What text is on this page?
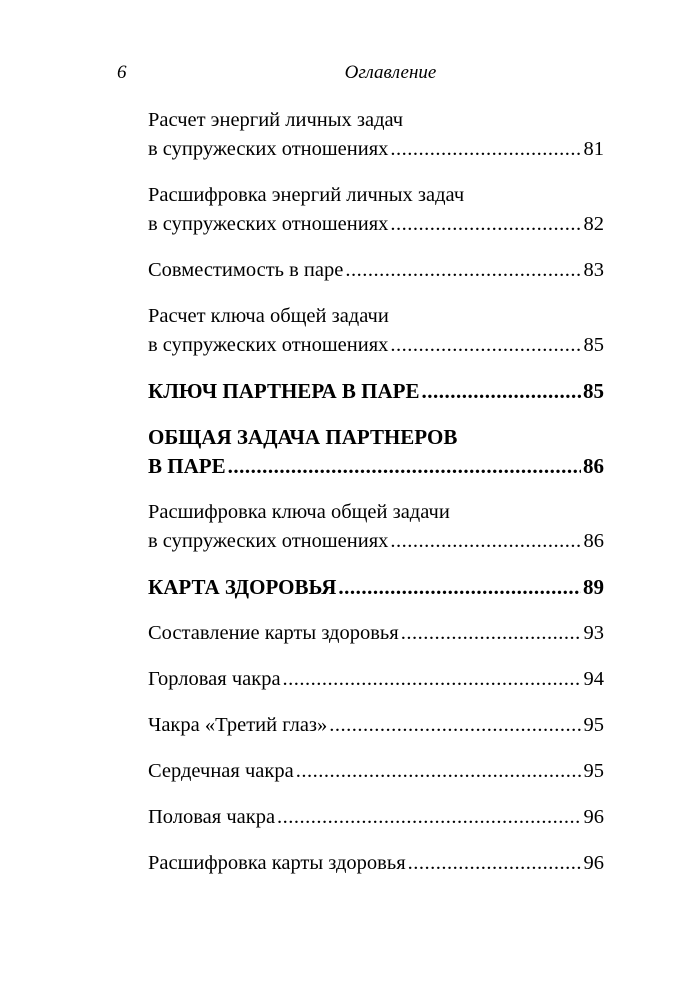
6	Оглавление
Расчет энергий личных задач
в супружеских отношениях .....	81
Расшифровка энергий личных задач
в супружеских отношениях .....	82
Совместимость в паре .....	83
Расчет ключа общей задачи
в супружеских отношениях .....	85
КЛЮЧ ПАРТНЕРА В ПАРЕ .....	85
ОБЩАЯ ЗАДАЧА ПАРТНЕРОВ
В ПАРЕ .....	86
Расшифровка ключа общей задачи
в супружеских отношениях .....	86
КАРТА ЗДОРОВЬЯ .....	89
Составление карты здоровья .....	93
Горловая чакра .....	94
Чакра «Третий глаз» .....	95
Сердечная чакра .....	95
Половая чакра .....	96
Расшифровка карты здоровья .....	96
